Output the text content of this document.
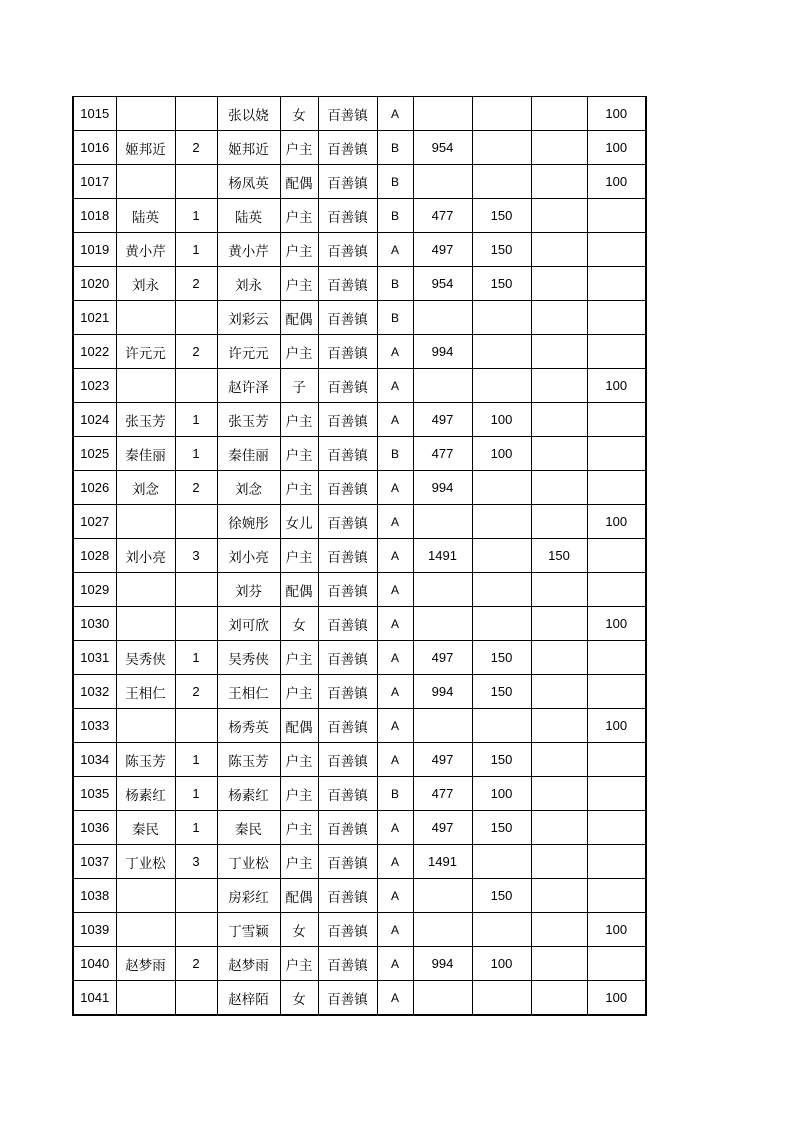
1015			张以娆	女	百善镇	A				100
1016	姬邦近	2	姬邦近	户主	百善镇	B	954			100
1017			杨凤英	配偶	百善镇	B				100
1018	陆英	1	陆英	户主	百善镇	B	477	150		
1019	黄小芹	1	黄小芹	户主	百善镇	A	497	150		
1020	刘永	2	刘永	户主	百善镇	B	954	150		
1021			刘彩云	配偶	百善镇	B				
1022	许元元	2	许元元	户主	百善镇	A	994			
1023			赵许泽	子	百善镇	A				100
1024	张玉芳	1	张玉芳	户主	百善镇	A	497	100		
1025	秦佳丽	1	秦佳丽	户主	百善镇	B	477	100		
1026	刘念	2	刘念	户主	百善镇	A	994			
1027			徐婉彤	女儿	百善镇	A				100
1028	刘小亮	3	刘小亮	户主	百善镇	A	1491		150	
1029			刘芬	配偶	百善镇	A				
1030			刘可欣	女	百善镇	A				100
1031	吴秀侠	1	吴秀侠	户主	百善镇	A	497	150		
1032	王相仁	2	王相仁	户主	百善镇	A	994	150		
1033			杨秀英	配偶	百善镇	A				100
1034	陈玉芳	1	陈玉芳	户主	百善镇	A	497	150		
1035	杨素红	1	杨素红	户主	百善镇	B	477	100		
1036	秦民	1	秦民	户主	百善镇	A	497	150		
1037	丁业松	3	丁业松	户主	百善镇	A	1491			
1038			房彩红	配偶	百善镇	A		150		
1039			丁雪颖	女	百善镇	A				100
1040	赵梦雨	2	赵梦雨	户主	百善镇	A	994	100		
1041			赵梓陌	女	百善镇	A				100
